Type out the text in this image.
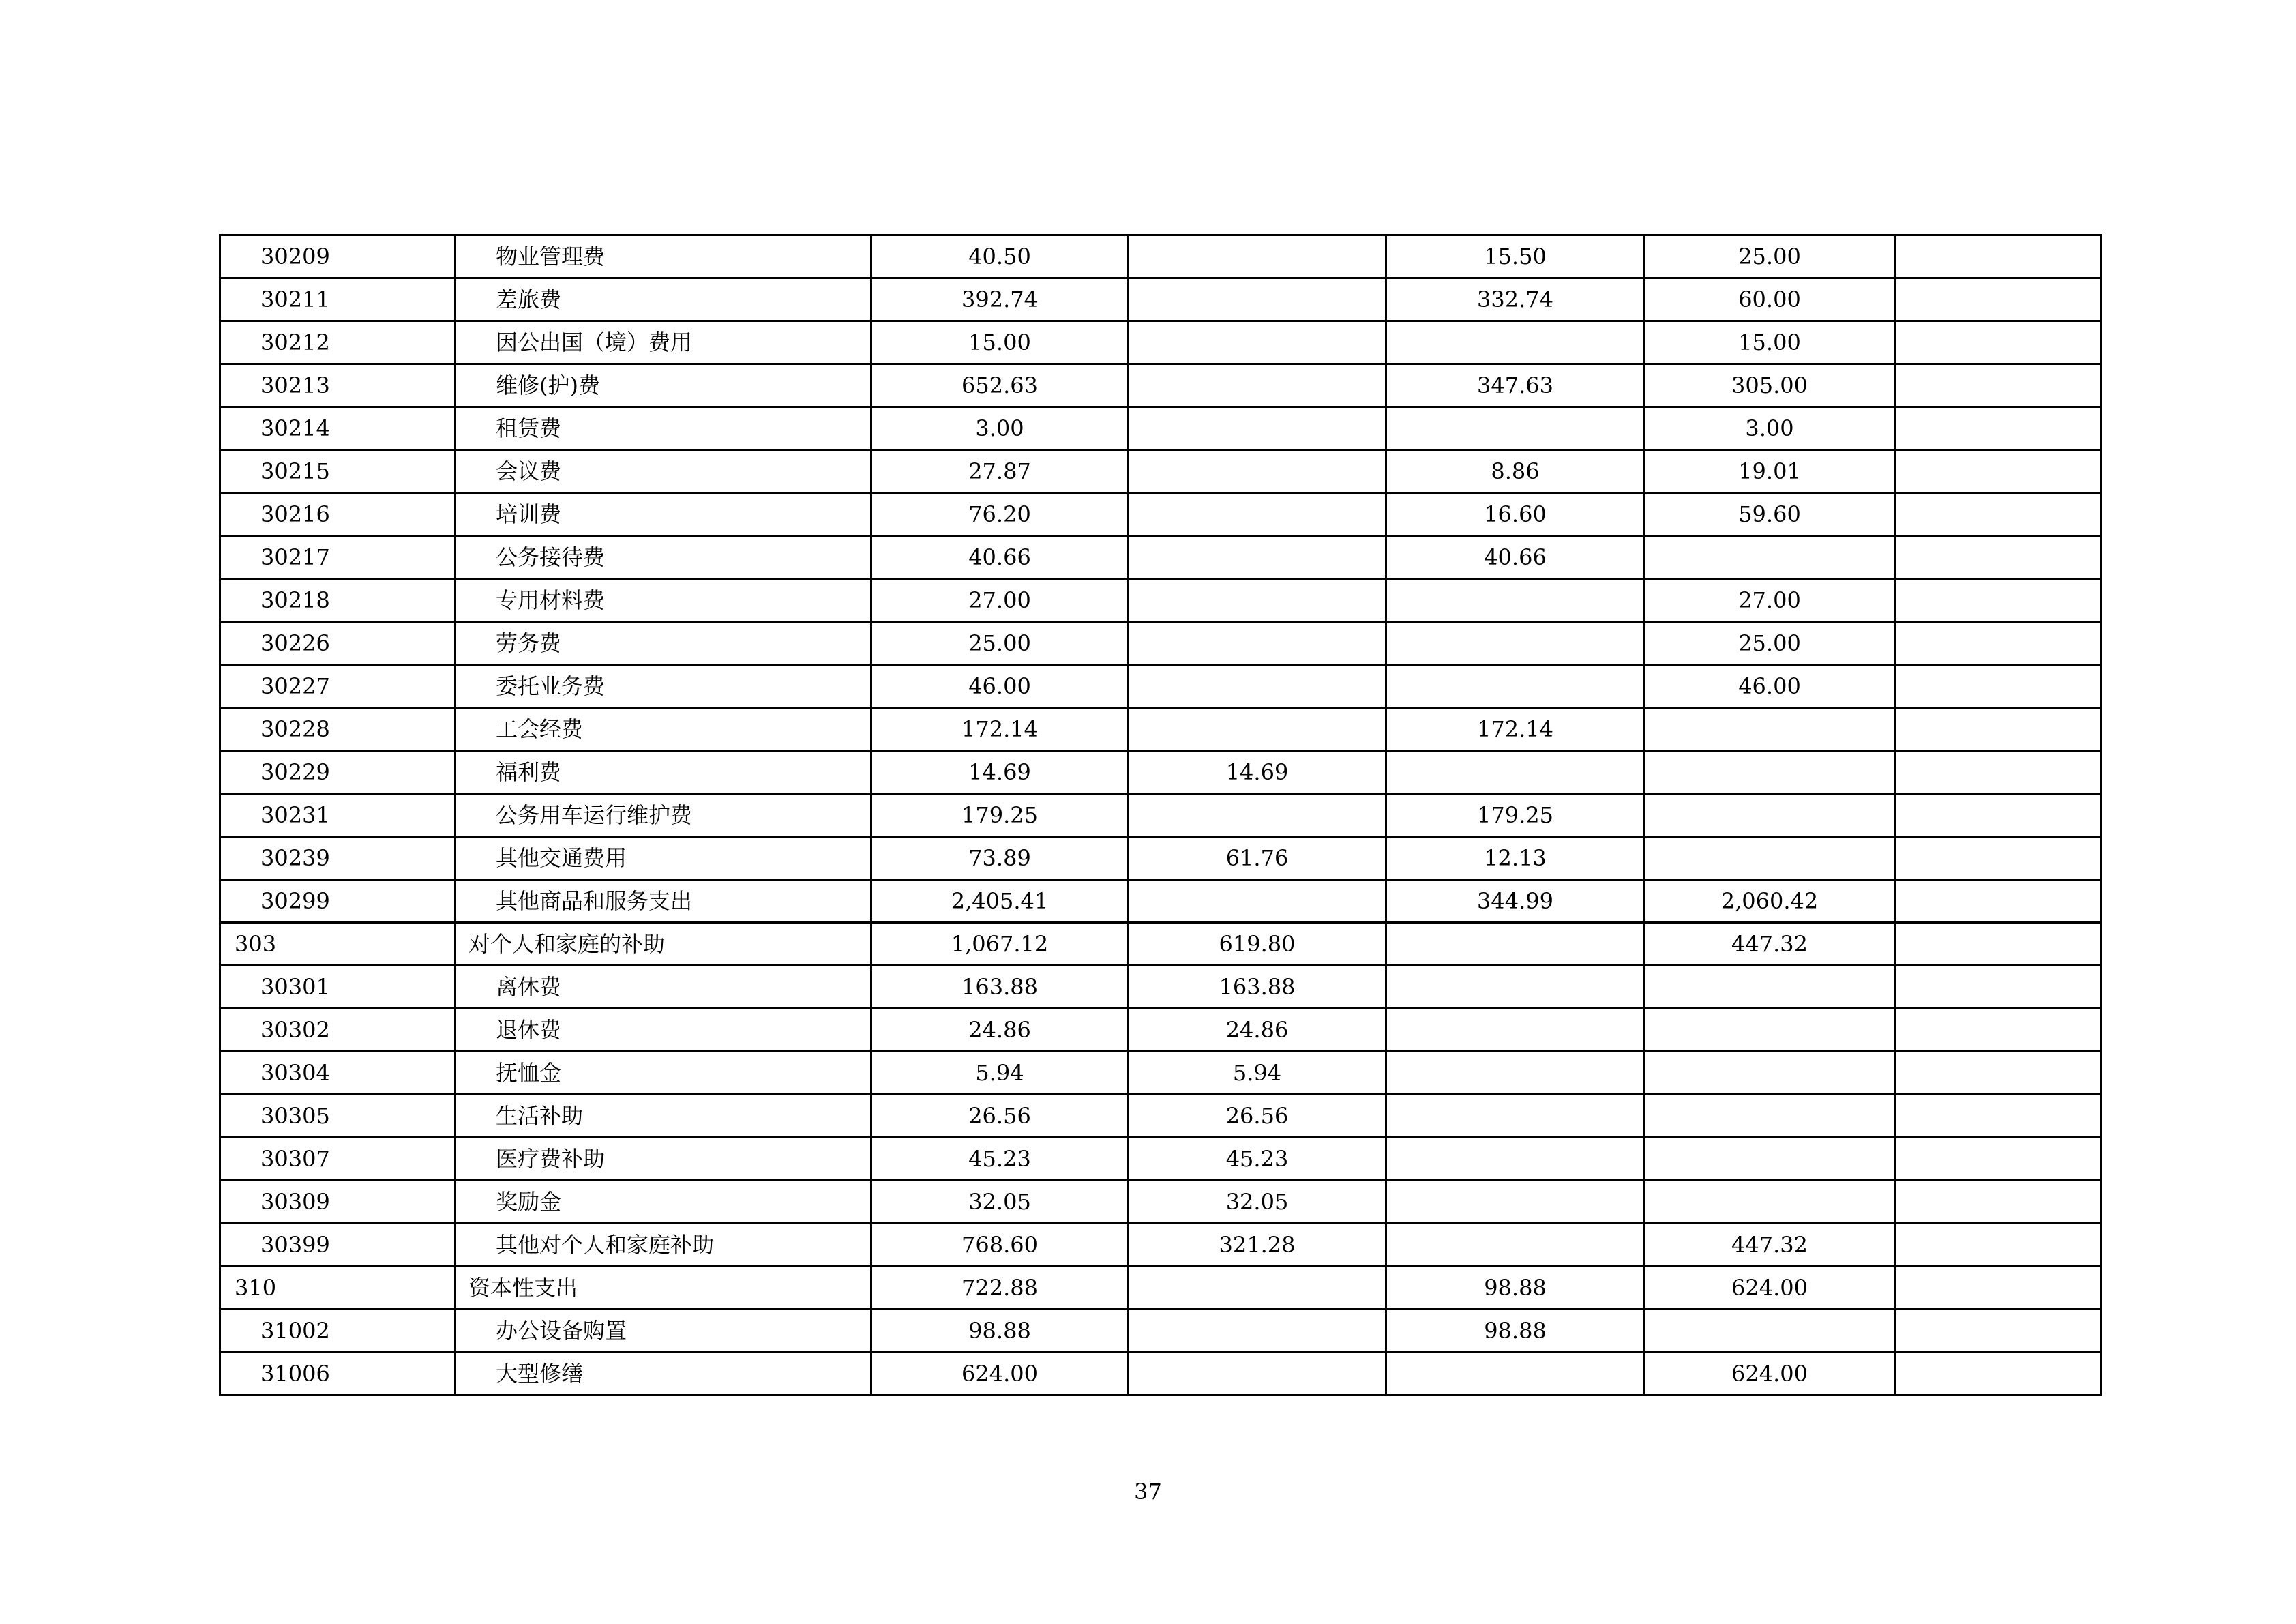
30209	物业管理费	40.50		15.50	25.00	
30211	差旅费	392.74		332.74	60.00	
30212	因公出国（境）费用	15.00			15.00	
30213	维修(护)费	652.63		347.63	305.00	
30214	租赁费	3.00			3.00	
30215	会议费	27.87		8.86	19.01	
30216	培训费	76.20		16.60	59.60	
30217	公务接待费	40.66		40.66		
30218	专用材料费	27.00			27.00	
30226	劳务费	25.00			25.00	
30227	委托业务费	46.00			46.00	
30228	工会经费	172.14		172.14		
30229	福利费	14.69	14.69			
30231	公务用车运行维护费	179.25		179.25		
30239	其他交通费用	73.89	61.76	12.13		
30299	其他商品和服务支出	2,405.41		344.99	2,060.42	
303	对个人和家庭的补助	1,067.12	619.80		447.32	
30301	离休费	163.88	163.88			
30302	退休费	24.86	24.86			
30304	抚恤金	5.94	5.94			
30305	生活补助	26.56	26.56			
30307	医疗费补助	45.23	45.23			
30309	奖励金	32.05	32.05			
30399	其他对个人和家庭补助	768.60	321.28		447.32	
310	资本性支出	722.88		98.88	624.00	
31002	办公设备购置	98.88		98.88		
31006	大型修缮	624.00			624.00	
37
